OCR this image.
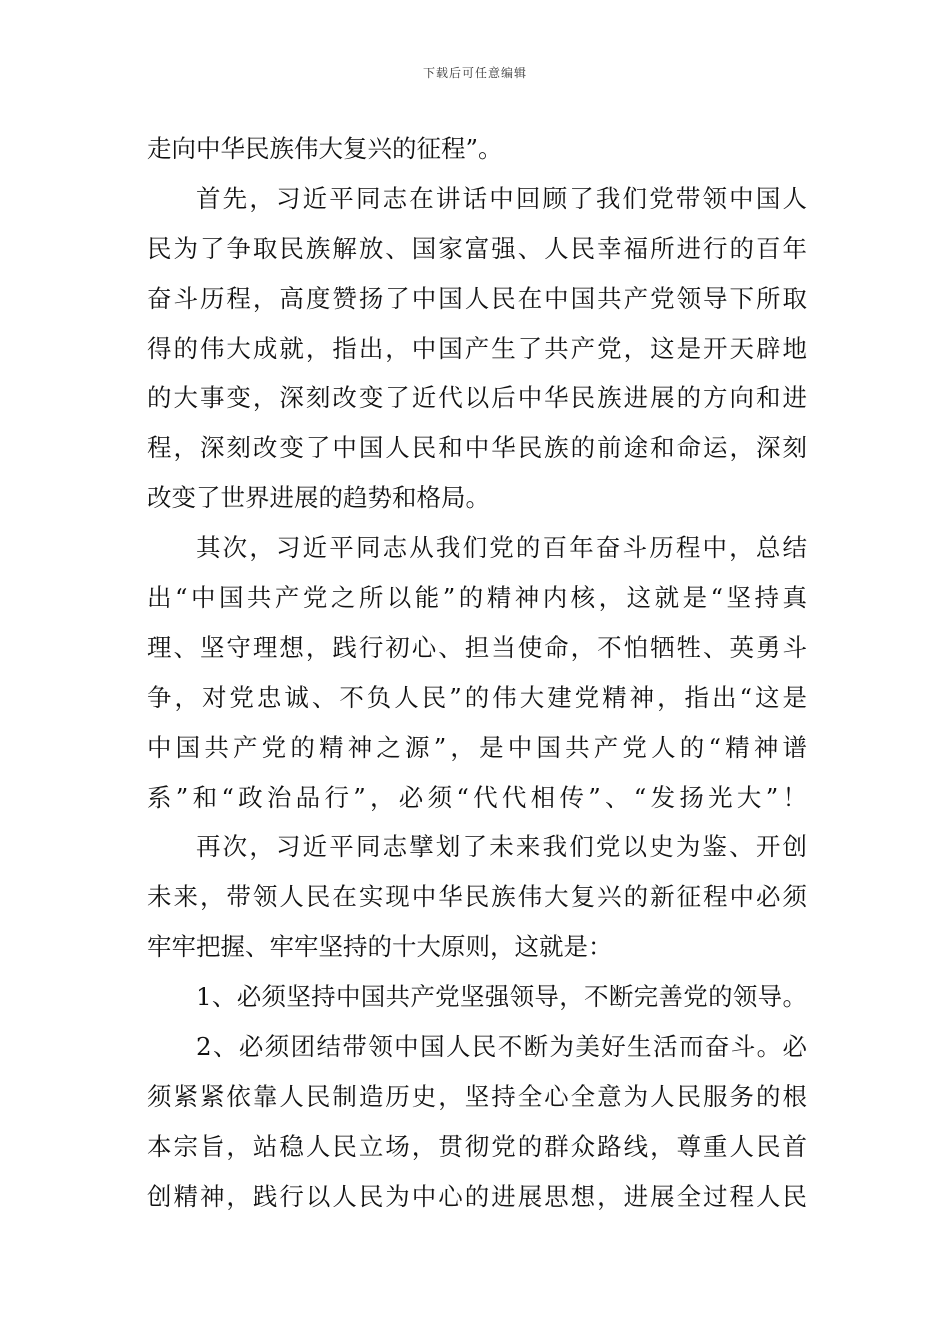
下载后可任意编辑
走向中华民族伟大复兴的征程”。
首先，习近平同志在讲话中回顾了我们党带领中国人
民为了争取民族解放、国家富强、人民幸福所进行的百年
奋斗历程，高度赞扬了中国人民在中国共产党领导下所取
得的伟大成就，指出，中国产生了共产党，这是开天辟地
的大事变，深刻改变了近代以后中华民族进展的方向和进
程，深刻改变了中国人民和中华民族的前途和命运，深刻
改变了世界进展的趋势和格局。
其次，习近平同志从我们党的百年奋斗历程中，总结
出“中国共产党之所以能”的精神内核，这就是“坚持真
理、坚守理想，践行初心、担当使命，不怕牺牲、英勇斗
争，对党忠诚、不负人民”的伟大建党精神，指出“这是
中国共产党的精神之源”，是中国共产党人的“精神谱
系”和“政治品行”，必须“代代相传”、“发扬光大”！
再次，习近平同志擘划了未来我们党以史为鉴、开创
未来，带领人民在实现中华民族伟大复兴的新征程中必须
牢牢把握、牢牢坚持的十大原则，这就是：
1、必须坚持中国共产党坚强领导，不断完善党的领导。
2、必须团结带领中国人民不断为美好生活而奋斗。必
须紧紧依靠人民制造历史，坚持全心全意为人民服务的根
本宗旨，站稳人民立场，贯彻党的群众路线，尊重人民首
创精神，践行以人民为中心的进展思想，进展全过程人民
